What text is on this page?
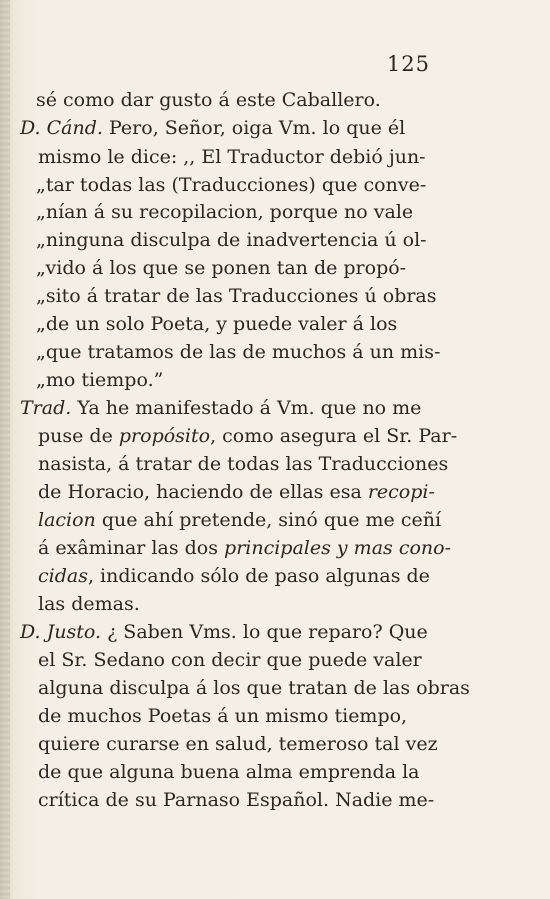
125
sé como dar gusto á este Caballero.
D. Cánd. Pero, Señor, oiga Vm. lo que él
mismo le dice: ,, El Traductor debió jun-
„tar todas las (Traducciones) que conve-
„nían á su recopilacion, porque no vale
„ninguna disculpa de inadvertencia ú ol-
„vido á los que se ponen tan de propó-
„sito á tratar de las Traducciones ú obras
„de un solo Poeta, y puede valer á los
„que tratamos de las de muchos á un mis-
„mo tiempo.”
Trad. Ya he manifestado á Vm. que no me
puse de propósito, como asegura el Sr. Par-
nasista, á tratar de todas las Traducciones
de Horacio, haciendo de ellas esa recopi-
lacion que ahí pretende, sinó que me ceñí
á exâminar las dos principales y mas cono-
cidas, indicando sólo de paso algunas de
las demas.
D. Justo. ¿ Saben Vms. lo que reparo? Que
el Sr. Sedano con decir que puede valer
alguna disculpa á los que tratan de las obras
de muchos Poetas á un mismo tiempo,
quiere curarse en salud, temeroso tal vez
de que alguna buena alma emprenda la
crítica de su Parnaso Español. Nadie me-
